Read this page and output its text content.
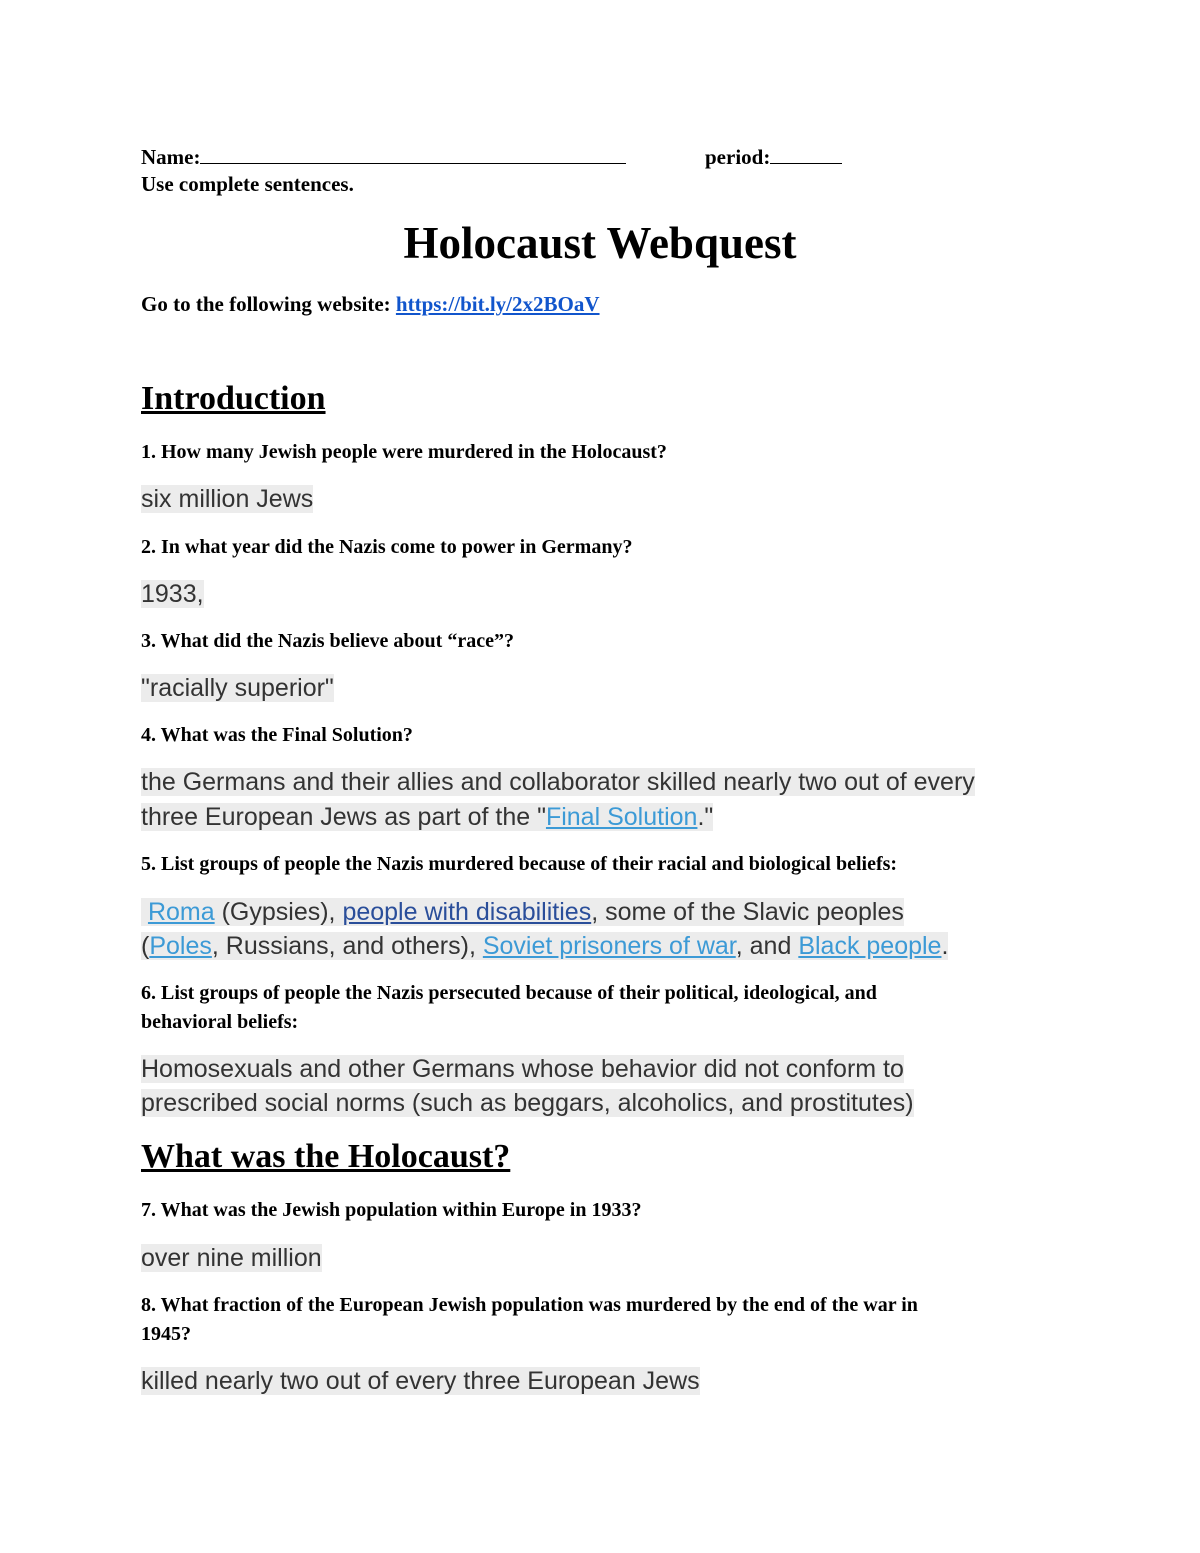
Name:	period:
Use complete sentences.
Holocaust Webquest
Go to the following website: https://bit.ly/2x2BOaV
Introduction
1. How many Jewish people were murdered in the Holocaust?
six million Jews
2. In what year did the Nazis come to power in Germany?
1933,
3. What did the Nazis believe about “race”?
"racially superior"
4. What was the Final Solution?
the Germans and their allies and collaborator skilled nearly two out of every
three European Jews as part of the "Final Solution."
5. List groups of people the Nazis murdered because of their racial and biological beliefs:
Roma (Gypsies), people with disabilities, some of the Slavic peoples
(Poles, Russians, and others), Soviet prisoners of war, and Black people.
6. List groups of people the Nazis persecuted because of their political, ideological, and
behavioral beliefs:
Homosexuals and other Germans whose behavior did not conform to
prescribed social norms (such as beggars, alcoholics, and prostitutes)
What was the Holocaust?
7. What was the Jewish population within Europe in 1933?
over nine million
8. What fraction of the European Jewish population was murdered by the end of the war in
1945?
killed nearly two out of every three European Jews
